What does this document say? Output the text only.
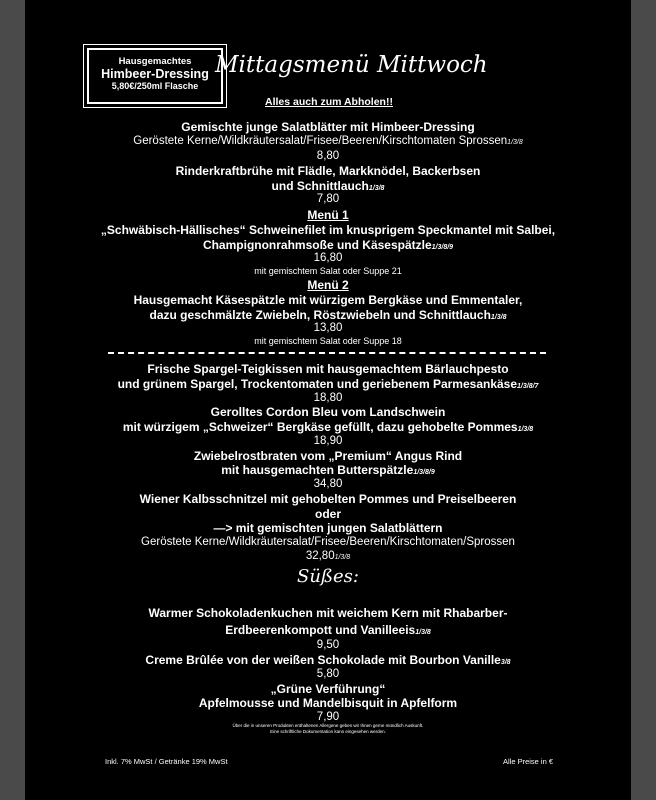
Hausgemachtes
Himbeer-Dressing
5,80€/250ml Flasche
Mittagsmenü Mittwoch
Alles auch zum Abholen!!
Gemischte junge Salatblätter mit Himbeer-Dressing
Geröstete Kerne/Wildkräutersalat/Frisee/Beeren/Kirschtomaten Sprossen1/3/8
8,80
Rinderkraftbrühe mit Flädle, Markknödel, Backerbsen
und Schnittlauch1/3/8
7,80
Menü 1
„Schwäbisch-Hällisches“ Schweinefilet im knusprigem Speckmantel mit Salbei,
Champignonrahmsoße und Käsespätzle1/3/8/9
16,80
mit gemischtem Salat oder Suppe 21
Menü 2
Hausgemacht Käsespätzle mit würzigem Bergkäse und Emmentaler,
dazu geschmälzte Zwiebeln, Röstzwiebeln und Schnittlauch1/3/8
13,80
mit gemischtem Salat oder Suppe 18
Frische Spargel-Teigkissen mit hausgemachtem Bärlauchpesto
und grünem Spargel, Trockentomaten und geriebenem Parmesankäse1/3/8/7
18,80
Gerolltes Cordon Bleu vom Landschwein
mit würzigem „Schweizer“ Bergkäse gefüllt, dazu gehobelte Pommes1/3/8
18,90
Zwiebelrostbraten vom „Premium“ Angus Rind
mit hausgemachten Butterspätzle1/3/8/9
34,80
Wiener Kalbsschnitzel mit gehobelten Pommes und Preiselbeeren
oder
—> mit gemischten jungen Salatblättern
Geröstete Kerne/Wildkräutersalat/Frisee/Beeren/Kirschtomaten/Sprossen
32,801/3/8
Süßes:
Warmer Schokoladenkuchen mit weichem Kern mit Rhabarber-
Erdbeerenkompott und Vanilleeis1/3/8
9,50
Creme Brûlée von der weißen Schokolade mit Bourbon Vanille3/8
5,80
„Grüne Verführung“
Apfelmousse und Mandelbisquit in Apfelform
7,90
Über die in unseren Produkten enthaltenen Allergene geben wir Ihnen gerne mündlich Auskunft.
Eine schriftliche Dokumentation kann eingesehen werden.
Inkl. 7% MwSt / Getränke 19% MwSt	Alle Preise in €
